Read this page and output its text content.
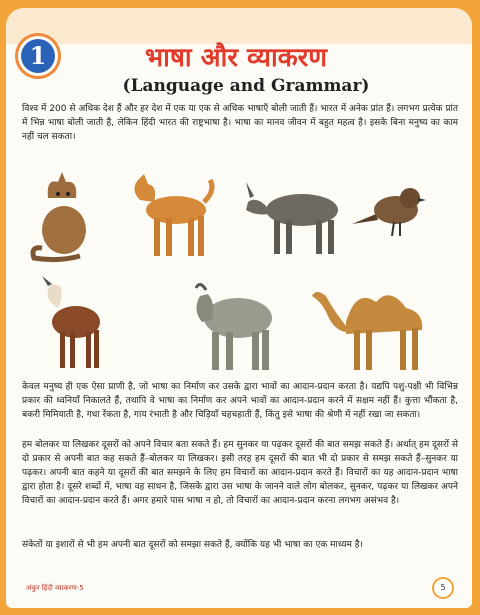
1	भाषा और व्याकरण
(Language and Grammar)

विश्व में 200 से अधिक देश हैं और हर देश में एक या एक से अधिक भाषाएँ बोली जाती हैं। भारत में अनेक प्रांत हैं। लगभग प्रत्येक प्रांत में भिन्न भाषा बोली जाती है, लेकिन हिंदी भारत की राष्ट्रभाषा है। भाषा का मानव जीवन में बहुत महत्व है। इसके बिना मनुष्य का काम नहीं चल सकता।

केवल मनुष्य ही एक ऐसा प्राणी है, जो भाषा का निर्माण कर उसके द्वारा भावों का आदान-प्रदान करता है। यद्यपि पशु-पक्षी भी विभिन्न प्रकार की ध्वनियाँ निकालते हैं, तथापि वे भाषा का निर्माण कर अपने भावों का आदान-प्रदान करने में सक्षम नहीं हैं। कुत्ता भौंकता है, बकरी मिमियाती है, गधा रेंकता है, गाय रंभाती है और चिड़ियाँ चहचहाती हैं, किंतु इसे भाषा की श्रेणी में नहीं रखा जा सकता।

हम बोलकर या लिखकर दूसरों को अपने विचार बता सकते हैं। हम सुनकर या पढ़कर दूसरों की बात समझ सकते हैं। अर्थात् हम दूसरों से दो प्रकार से अपनी बात कह सकते हैं–बोलकर या लिखकर। इसी तरह हम दूसरों की बात भी दो प्रकार से समझ सकते हैं–सुनकर या पढ़कर। अपनी बात कहने या दूसरों की बात समझने के लिए हम विचारों का आदान-प्रदान करते हैं। विचारों का यह आदान-प्रदान भाषा द्वारा होता है। दूसरे शब्दों में, भाषा वह साधन है, जिसके द्वारा उस भाषा के जानने वाले लोग बोलकर, सुनकर, पढ़कर या लिखकर अपने विचारों का आदान-प्रदान करते हैं। अगर हमारे पास भाषा न हो, तो विचारों का आदान-प्रदान करना लगभग असंभव है।

संकेतों या इशारों से भी हम अपनी बात दूसरों को समझा सकते हैं, क्योंकि यह भी भाषा का एक माध्यम है।

अंकुर हिंदी व्याकरण-5	5
